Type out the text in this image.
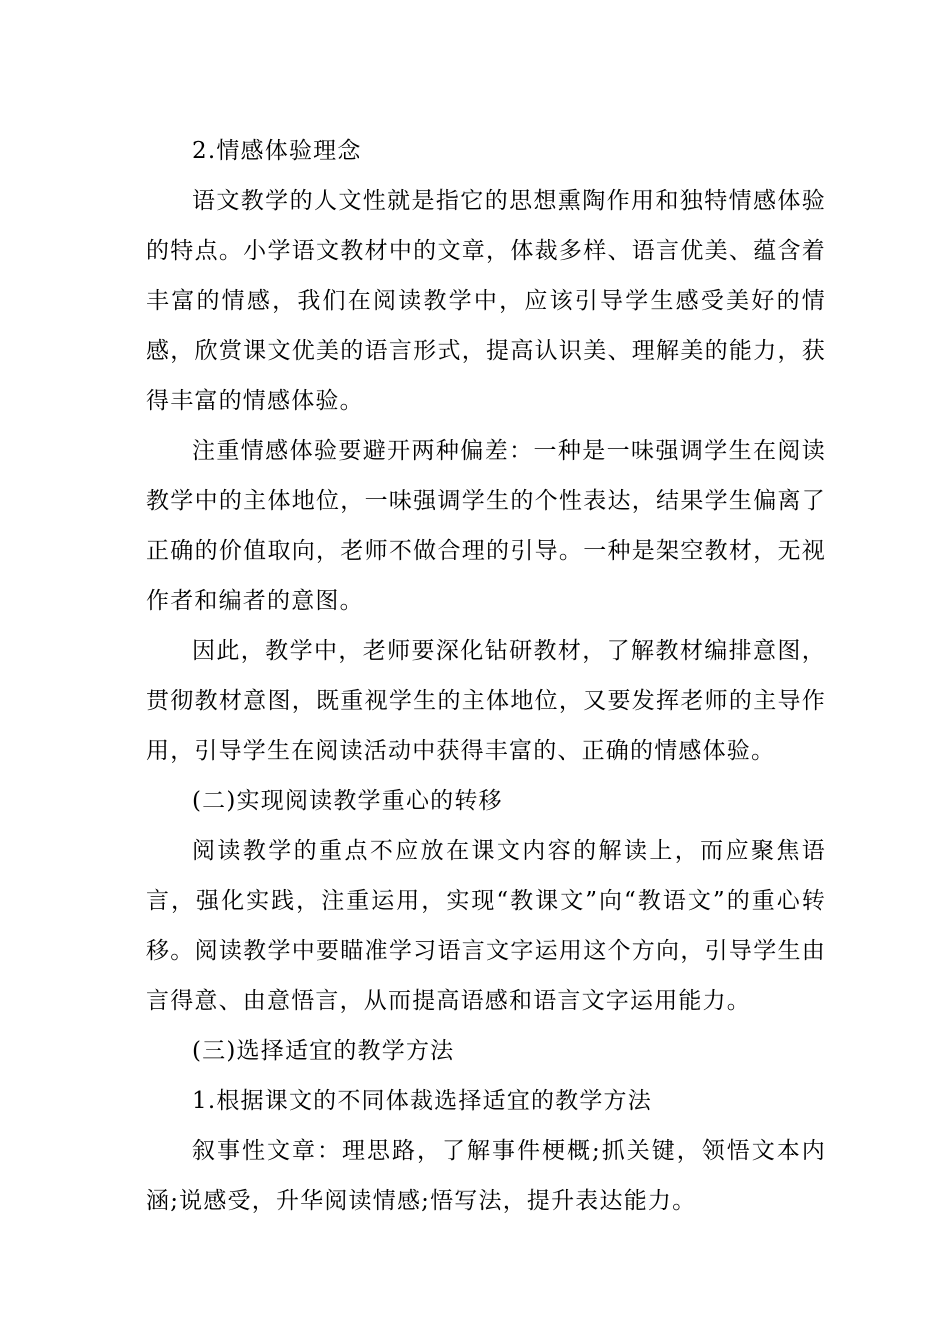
2.情感体验理念

语文教学的人文性就是指它的思想熏陶作用和独特情感体验的特点。小学语文教材中的文章，体裁多样、语言优美、蕴含着丰富的情感，我们在阅读教学中，应该引导学生感受美好的情感，欣赏课文优美的语言形式，提高认识美、理解美的能力，获得丰富的情感体验。

注重情感体验要避开两种偏差：一种是一味强调学生在阅读教学中的主体地位，一味强调学生的个性表达，结果学生偏离了正确的价值取向，老师不做合理的引导。一种是架空教材，无视作者和编者的意图。

因此，教学中，老师要深化钻研教材，了解教材编排意图，贯彻教材意图，既重视学生的主体地位，又要发挥老师的主导作用，引导学生在阅读活动中获得丰富的、正确的情感体验。

(二)实现阅读教学重心的转移

阅读教学的重点不应放在课文内容的解读上，而应聚焦语言，强化实践，注重运用，实现“教课文”向“教语文”的重心转移。阅读教学中要瞄准学习语言文字运用这个方向，引导学生由言得意、由意悟言，从而提高语感和语言文字运用能力。

(三)选择适宜的教学方法

1.根据课文的不同体裁选择适宜的教学方法

叙事性文章：理思路，了解事件梗概;抓关键，领悟文本内涵;说感受，升华阅读情感;悟写法，提升表达能力。
